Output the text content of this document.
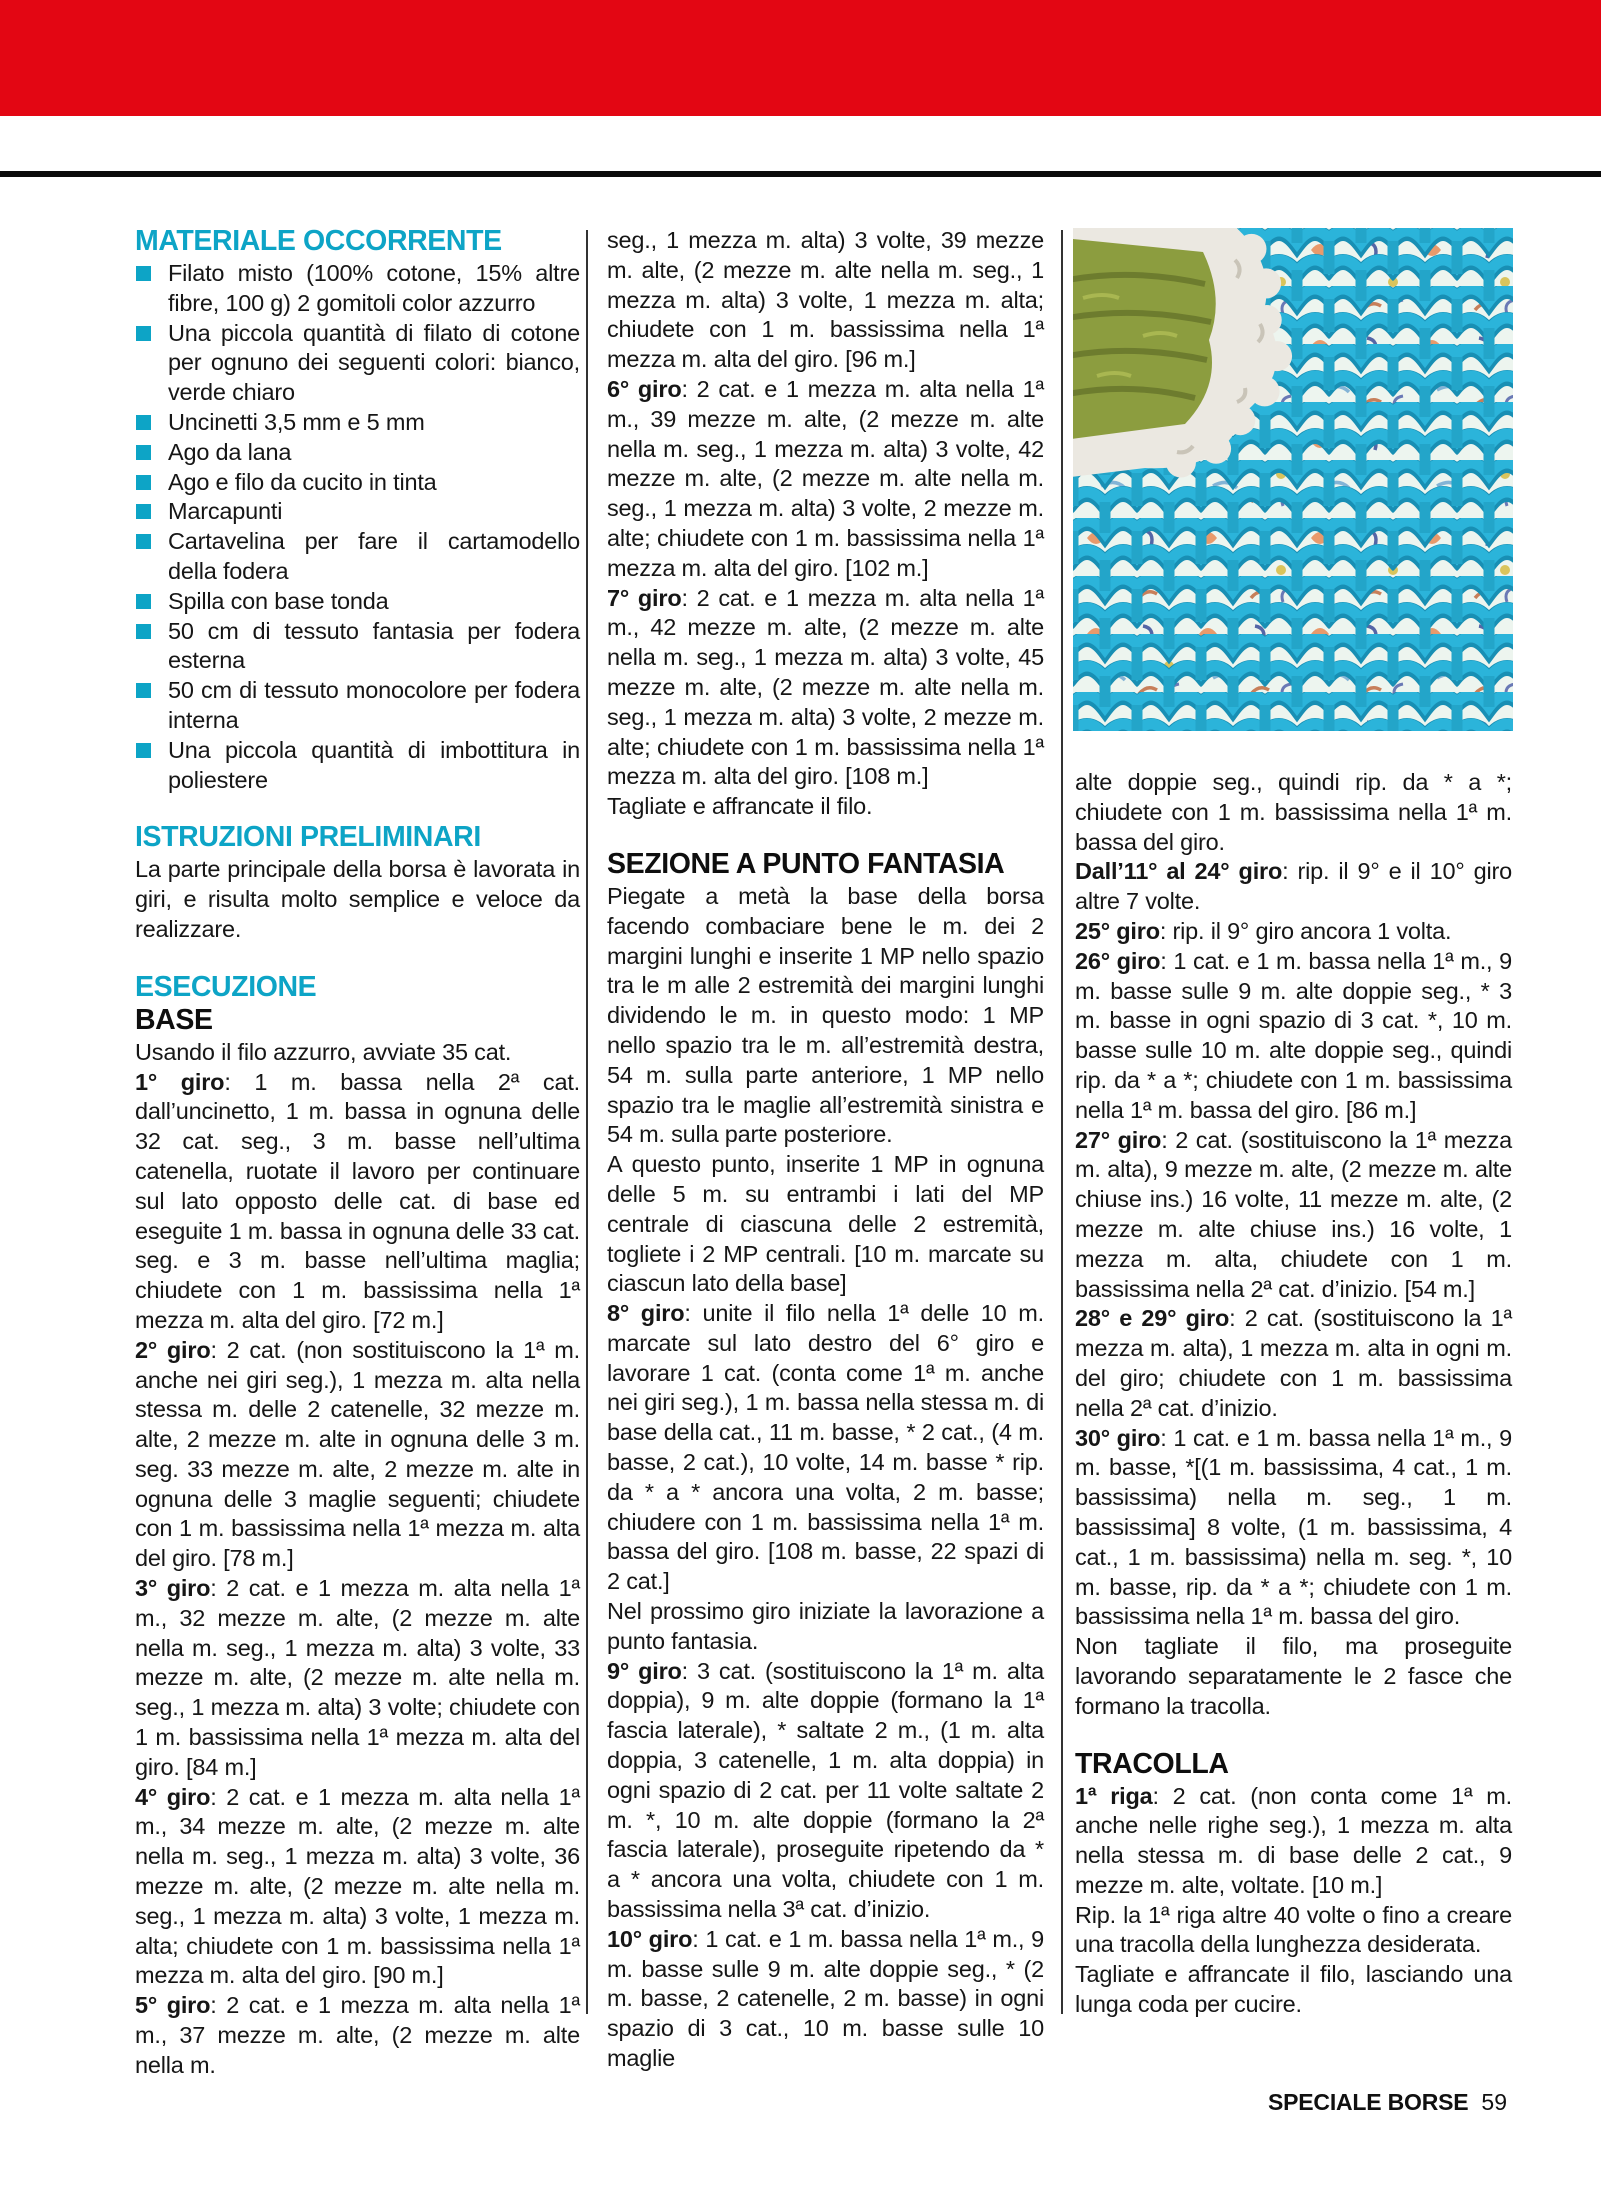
MATERIALE OCCORRENTE
Filato misto (100% cotone, 15% altre fibre, 100 g) 2 gomitoli color azzurro
Una piccola quantità di filato di cotone per ognuno dei seguenti colori: bianco, verde chiaro
Uncinetti 3,5 mm e 5 mm
Ago da lana
Ago e filo da cucito in tinta
Marcapunti
Cartavelina per fare il cartamodello della fodera
Spilla con base tonda
50 cm di tessuto fantasia per fodera esterna
50 cm di tessuto monocolore per fodera interna
Una piccola quantità di imbottitura in poliestere
ISTRUZIONI PRELIMINARI

La parte principale della borsa è lavorata in giri, e risulta molto semplice e veloce da realizzare.

ESECUZIONE
BASE

Usando il filo azzurro, avviate 35 cat.

1° giro: 1 m. bassa nella 2ª cat. dall’uncinetto, 1 m. bassa in ognuna delle 32 cat. seg., 3 m. basse nell’ultima catenella, ruotate il lavoro per continuare sul lato opposto delle cat. di base ed eseguite 1 m. bassa in ognuna delle 33 cat. seg. e 3 m. basse nell’ultima maglia; chiudete con 1 m. bassissima nella 1ª mezza m. alta del giro. [72 m.]

2° giro: 2 cat. (non sostituiscono la 1ª m. anche nei giri seg.), 1 mezza m. alta nella stessa m. delle 2 catenelle, 32 mezze m. alte, 2 mezze m. alte in ognuna delle 3 m. seg. 33 mezze m. alte, 2 mezze m. alte in ognuna delle 3 maglie seguenti; chiudete con 1 m. bassissima nella 1ª mezza m. alta del giro. [78 m.]

3° giro: 2 cat. e 1 mezza m. alta nella 1ª m., 32 mezze m. alte, (2 mezze m. alte nella m. seg., 1 mezza m. alta) 3 volte, 33 mezze m. alte, (2 mezze m. alte nella m. seg., 1 mezza m. alta) 3 volte; chiudete con 1 m. bassissima nella 1ª mezza m. alta del giro. [84 m.]

4° giro: 2 cat. e 1 mezza m. alta nella 1ª m., 34 mezze m. alte, (2 mezze m. alte nella m. seg., 1 mezza m. alta) 3 volte, 36 mezze m. alte, (2 mezze m. alte nella m. seg., 1 mezza m. alta) 3 volte, 1 mezza m. alta; chiudete con 1 m. bassissima nella 1ª mezza m. alta del giro. [90 m.]

5° giro: 2 cat. e 1 mezza m. alta nella 1ª m., 37 mezze m. alte, (2 mezze m. alte nella m.

seg., 1 mezza m. alta) 3 volte, 39 mezze m. alte, (2 mezze m. alte nella m. seg., 1 mezza m. alta) 3 volte, 1 mezza m. alta; chiudete con 1 m. bassissima nella 1ª mezza m. alta del giro. [96 m.]

6° giro: 2 cat. e 1 mezza m. alta nella 1ª m., 39 mezze m. alte, (2 mezze m. alte nella m. seg., 1 mezza m. alta) 3 volte, 42 mezze m. alte, (2 mezze m. alte nella m. seg., 1 mezza m. alta) 3 volte, 2 mezze m. alte; chiudete con 1 m. bassissima nella 1ª mezza m. alta del giro. [102 m.]

7° giro: 2 cat. e 1 mezza m. alta nella 1ª m., 42 mezze m. alte, (2 mezze m. alte nella m. seg., 1 mezza m. alta) 3 volte, 45 mezze m. alte, (2 mezze m. alte nella m. seg., 1 mezza m. alta) 3 volte, 2 mezze m. alte; chiudete con 1 m. bassissima nella 1ª mezza m. alta del giro. [108 m.]

Tagliate e affrancate il filo.

SEZIONE A PUNTO FANTASIA

Piegate a metà la base della borsa facendo combaciare bene le m. dei 2 margini lunghi e inserite 1 MP nello spazio tra le m alle 2 estremità dei margini lunghi dividendo le m. in questo modo: 1 MP nello spazio tra le m. all’estremità destra, 54 m. sulla parte anteriore, 1 MP nello spazio tra le maglie all’estremità sinistra e 54 m. sulla parte posteriore.

A questo punto, inserite 1 MP in ognuna delle 5 m. su entrambi i lati del MP centrale di ciascuna delle 2 estremità, togliete i 2 MP centrali. [10 m. marcate su ciascun lato della base]

8° giro: unite il filo nella 1ª delle 10 m. marcate sul lato destro del 6° giro e lavorare 1 cat. (conta come 1ª m. anche nei giri seg.), 1 m. bassa nella stessa m. di base della cat., 11 m. basse, * 2 cat., (4 m. basse, 2 cat.), 10 volte, 14 m. basse * rip. da * a * ancora una volta, 2 m. basse; chiudere con 1 m. bassissima nella 1ª m. bassa del giro. [108 m. basse, 22 spazi di 2 cat.]

Nel prossimo giro iniziate la lavorazione a punto fantasia.

9° giro: 3 cat. (sostituiscono la 1ª m. alta doppia), 9 m. alte doppie (formano la 1ª fascia laterale), * saltate 2 m., (1 m. alta doppia, 3 catenelle, 1 m. alta doppia) in ogni spazio di 2 cat. per 11 volte saltate 2 m. *, 10 m. alte doppie (formano la 2ª fascia laterale), proseguite ripetendo da * a * ancora una volta, chiudete con 1 m. bassissima nella 3ª cat. d’inizio.

10° giro: 1 cat. e 1 m. bassa nella 1ª m., 9 m. basse sulle 9 m. alte doppie seg., * (2 m. basse, 2 catenelle, 2 m. basse) in ogni spazio di 3 cat., 10 m. basse sulle 10 maglie

alte doppie seg., quindi rip. da * a *; chiudete con 1 m. bassissima nella 1ª m. bassa del giro.

Dall’11° al 24° giro: rip. il 9° e il 10° giro altre 7 volte.

25° giro: rip. il 9° giro ancora 1 volta.

26° giro: 1 cat. e 1 m. bassa nella 1ª m., 9 m. basse sulle 9 m. alte doppie seg., * 3 m. basse in ogni spazio di 3 cat. *, 10 m. basse sulle 10 m. alte doppie seg., quindi rip. da * a *; chiudete con 1 m. bassissima nella 1ª m. bassa del giro. [86 m.]

27° giro: 2 cat. (sostituiscono la 1ª mezza m. alta), 9 mezze m. alte, (2 mezze m. alte chiuse ins.) 16 volte, 11 mezze m. alte, (2 mezze m. alte chiuse ins.) 16 volte, 1 mezza m. alta, chiudete con 1 m. bassissima nella 2ª cat. d’inizio. [54 m.]

28° e 29° giro: 2 cat. (sostituiscono la 1ª mezza m. alta), 1 mezza m. alta in ogni m. del giro; chiudete con 1 m. bassissima nella 2ª cat. d’inizio.

30° giro: 1 cat. e 1 m. bassa nella 1ª m., 9 m. basse, *[(1 m. bassissima, 4 cat., 1 m. bassissima) nella m. seg., 1 m. bassissima] 8 volte, (1 m. bassissima, 4 cat., 1 m. bassissima) nella m. seg. *, 10 m. basse, rip. da * a *; chiudete con 1 m. bassissima nella 1ª m. bassa del giro.

Non tagliate il filo, ma proseguite lavorando separatamente le 2 fasce che formano la tracolla.

TRACOLLA

1ª riga: 2 cat. (non conta come 1ª m. anche nelle righe seg.), 1 mezza m. alta nella stessa m. di base delle 2 cat., 9 mezze m. alte, voltate. [10 m.]

Rip. la 1ª riga altre 40 volte o fino a creare una tracolla della lunghezza desiderata.

Tagliate e affrancate il filo, lasciando una lunga coda per cucire.

SPECIALE BORSE 59
